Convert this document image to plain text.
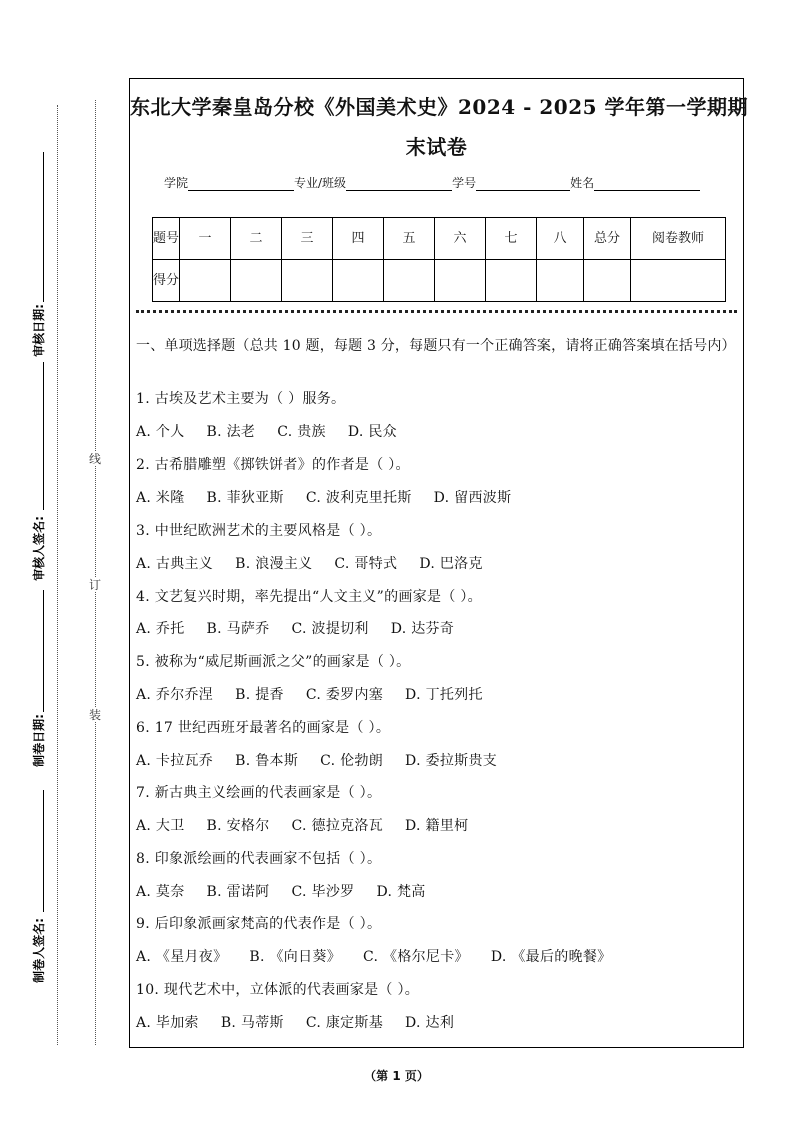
审核日期:
审核人签名:
制卷日期:
制卷人签名:
线
订
装
东北大学秦皇岛分校《外国美术史》2024 - 2025 学年第一学期期
末试卷
学院	专业/班级	学号	姓名
题号	一	二	三	四	五	六	七	八	总分	阅卷教师
得分										
一、单项选择题（总共 10 题，每题 3 分，每题只有一个正确答案，请将正确答案填在括号内）
1. 古埃及艺术主要为（ ）服务。
A. 个人 B. 法老 C. 贵族 D. 民众
2. 古希腊雕塑《掷铁饼者》的作者是（ ）。
A. 米隆 B. 菲狄亚斯 C. 波利克里托斯 D. 留西波斯
3. 中世纪欧洲艺术的主要风格是（ ）。
A. 古典主义 B. 浪漫主义 C. 哥特式 D. 巴洛克
4. 文艺复兴时期，率先提出“人文主义”的画家是（ ）。
A. 乔托 B. 马萨乔 C. 波提切利 D. 达芬奇
5. 被称为“威尼斯画派之父”的画家是（ ）。
A. 乔尔乔涅 B. 提香 C. 委罗内塞 D. 丁托列托
6. 17 世纪西班牙最著名的画家是（ ）。
A. 卡拉瓦乔 B. 鲁本斯 C. 伦勃朗 D. 委拉斯贵支
7. 新古典主义绘画的代表画家是（ ）。
A. 大卫 B. 安格尔 C. 德拉克洛瓦 D. 籍里柯
8. 印象派绘画的代表画家不包括（ ）。
A. 莫奈 B. 雷诺阿 C. 毕沙罗 D. 梵高
9. 后印象派画家梵高的代表作是（ ）。
A. 《星月夜》 B. 《向日葵》 C. 《格尔尼卡》 D. 《最后的晚餐》
10. 现代艺术中，立体派的代表画家是（ ）。
A. 毕加索 B. 马蒂斯 C. 康定斯基 D. 达利
（第 1 页）
